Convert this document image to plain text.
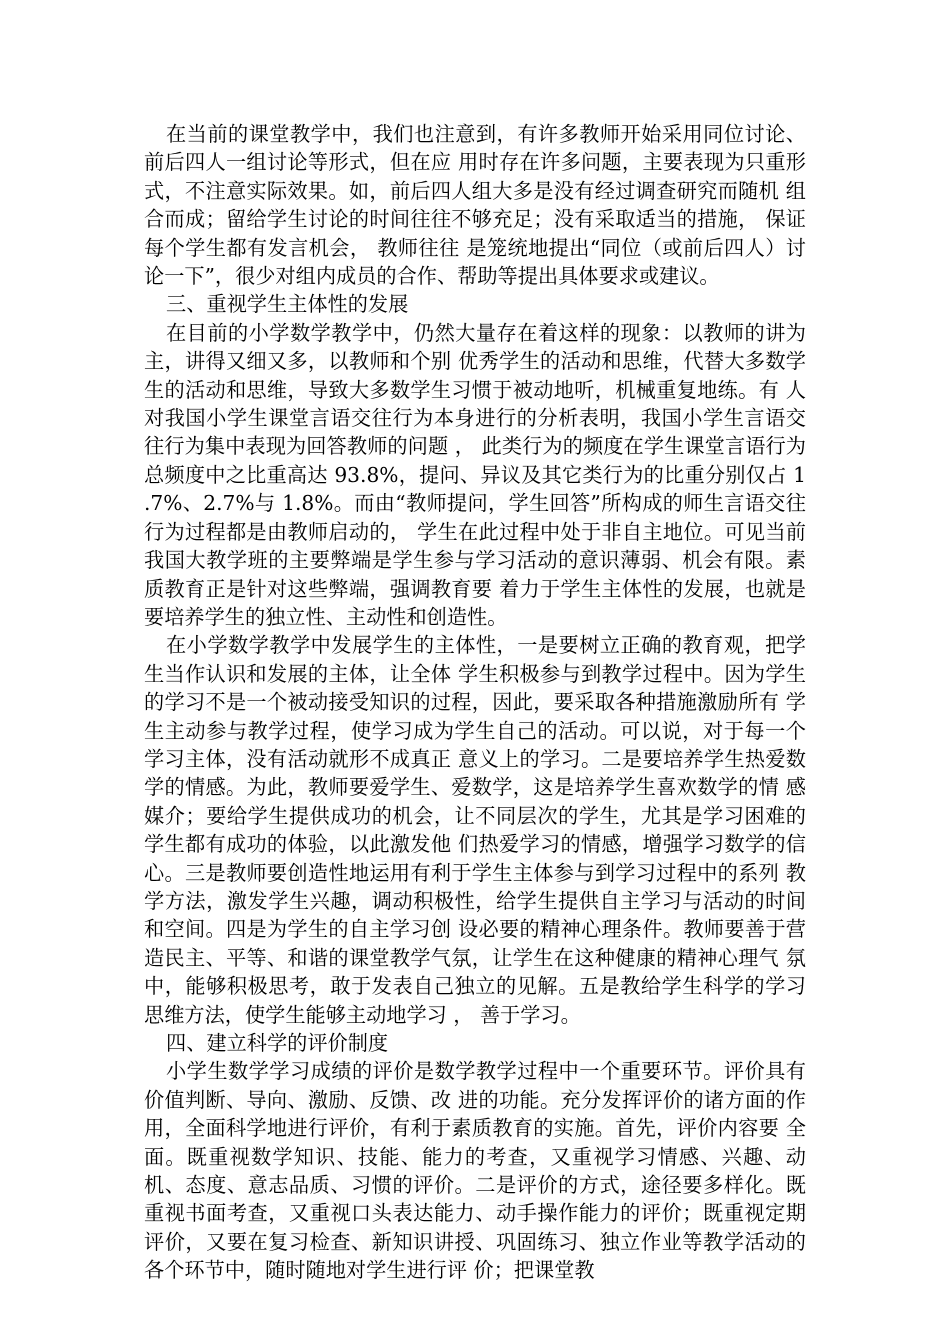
在当前的课堂教学中，我们也注意到，有许多教师开始采用同位讨论、前后四人一组讨论等形式，但在应 用时存在许多问题，主要表现为只重形式，不注意实际效果。如，前后四人组大多是没有经过调查研究而随机 组合而成；留给学生讨论的时间往往不够充足；没有采取适当的措施， 保证每个学生都有发言机会， 教师往往 是笼统地提出“同位（或前后四人）讨论一下”，很少对组内成员的合作、帮助等提出具体要求或建议。

三、重视学生主体性的发展

在目前的小学数学教学中，仍然大量存在着这样的现象：以教师的讲为主，讲得又细又多，以教师和个别 优秀学生的活动和思维，代替大多数学生的活动和思维，导致大多数学生习惯于被动地听，机械重复地练。有 人对我国小学生课堂言语交往行为本身进行的分析表明，我国小学生言语交往行为集中表现为回答教师的问题 ， 此类行为的频度在学生课堂言语行为总频度中之比重高达 93.8%，提问、异议及其它类行为的比重分别仅占 1 .7%、2.7%与 1.8%。而由“教师提问，学生回答”所构成的师生言语交往行为过程都是由教师启动的， 学生在此过程中处于非自主地位。可见当前我国大教学班的主要弊端是学生参与学习活动的意识薄弱、机会有限。素质教育正是针对这些弊端，强调教育要 着力于学生主体性的发展，也就是要培养学生的独立性、主动性和创造性。

在小学数学教学中发展学生的主体性，一是要树立正确的教育观，把学生当作认识和发展的主体，让全体 学生积极参与到教学过程中。因为学生的学习不是一个被动接受知识的过程，因此，要采取各种措施激励所有 学生主动参与教学过程，使学习成为学生自己的活动。可以说，对于每一个学习主体，没有活动就形不成真正 意义上的学习。二是要培养学生热爱数学的情感。为此，教师要爱学生、爱数学，这是培养学生喜欢数学的情 感媒介；要给学生提供成功的机会，让不同层次的学生，尤其是学习困难的学生都有成功的体验，以此激发他 们热爱学习的情感，增强学习数学的信心。三是教师要创造性地运用有利于学生主体参与到学习过程中的系列 教学方法，激发学生兴趣，调动积极性，给学生提供自主学习与活动的时间和空间。四是为学生的自主学习创 设必要的精神心理条件。教师要善于营造民主、平等、和谐的课堂教学气氛，让学生在这种健康的精神心理气 氛中，能够积极思考，敢于发表自己独立的见解。五是教给学生科学的学习思维方法，使学生能够主动地学习 ， 善于学习。

四、建立科学的评价制度

小学生数学学习成绩的评价是数学教学过程中一个重要环节。评价具有价值判断、导向、激励、反馈、改 进的功能。充分发挥评价的诸方面的作用，全面科学地进行评价，有利于素质教育的实施。首先，评价内容要 全面。既重视数学知识、技能、能力的考查，又重视学习情感、兴趣、动机、态度、意志品质、习惯的评价。二是评价的方式，途径要多样化。既重视书面考查，又重视口头表达能力、动手操作能力的评价；既重视定期 评价，又要在复习检查、新知识讲授、巩固练习、独立作业等教学活动的各个环节中，随时随地对学生进行评 价；把课堂教
